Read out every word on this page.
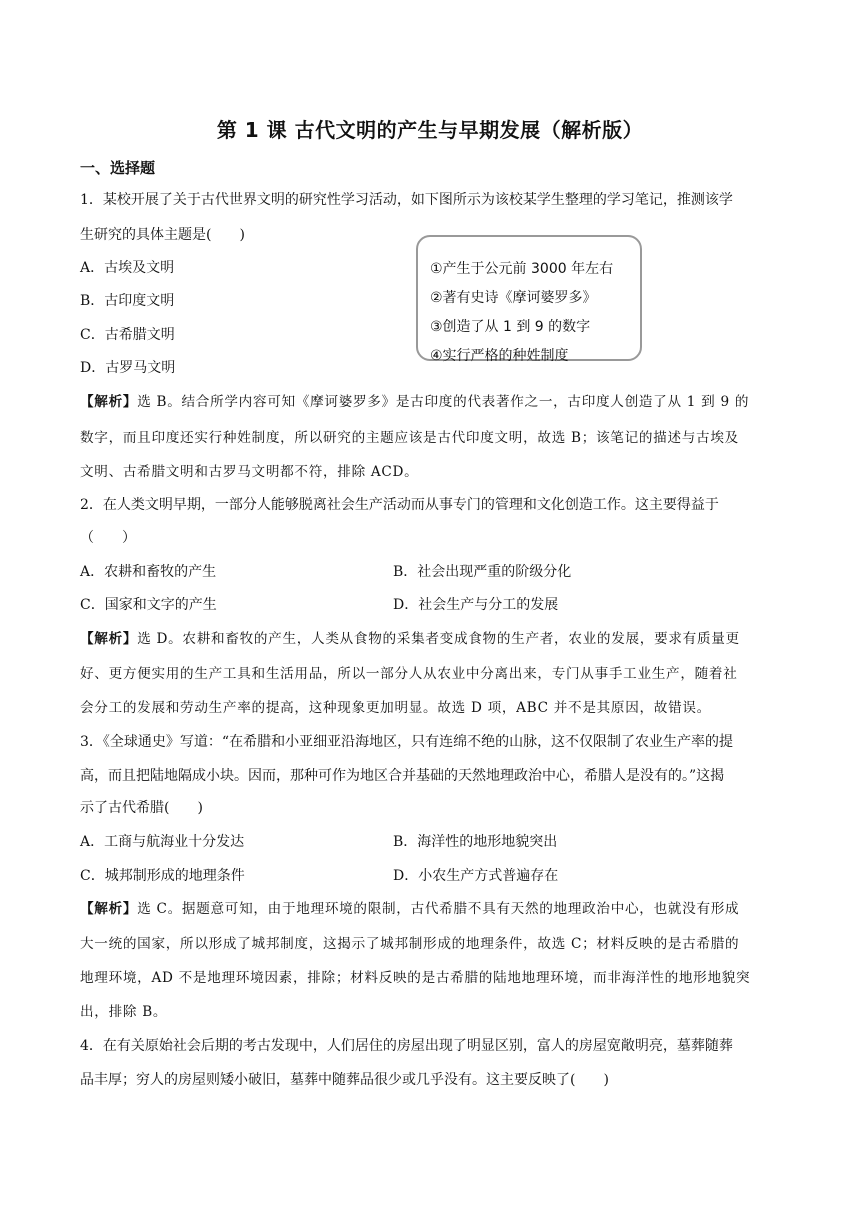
第 1 课 古代文明的产生与早期发展（解析版）
一、选择题
1．某校开展了关于古代世界文明的研究性学习活动，如下图所示为该校某学生整理的学习笔记，推测该学
生研究的具体主题是(　　)
A．古埃及文明
B．古印度文明
C．古希腊文明
D．古罗马文明
①产生于公元前 3000 年左右
②著有史诗《摩诃婆罗多》
③创造了从 1 到 9 的数字
④实行严格的种姓制度
【解析】选 B。结合所学内容可知《摩诃婆罗多》是古印度的代表著作之一，古印度人创造了从 1 到 9 的
数字，而且印度还实行种姓制度，所以研究的主题应该是古代印度文明，故选 B；该笔记的描述与古埃及
文明、古希腊文明和古罗马文明都不符，排除 ACD。
2．在人类文明早期，一部分人能够脱离社会生产活动而从事专门的管理和文化创造工作。这主要得益于
（　　）
A．农耕和畜牧的产生	B．社会出现严重的阶级分化
C．国家和文字的产生	D．社会生产与分工的发展
【解析】选 D。农耕和畜牧的产生，人类从食物的采集者变成食物的生产者，农业的发展，要求有质量更
好、更方便实用的生产工具和生活用品，所以一部分人从农业中分离出来，专门从事手工业生产，随着社
会分工的发展和劳动生产率的提高，这种现象更加明显。故选 D 项，ABC 并不是其原因，故错误。
3．《全球通史》写道：“在希腊和小亚细亚沿海地区，只有连绵不绝的山脉，这不仅限制了农业生产率的提
高，而且把陆地隔成小块。因而，那种可作为地区合并基础的天然地理政治中心，希腊人是没有的。”这揭
示了古代希腊(　　)
A．工商与航海业十分发达	B．海洋性的地形地貌突出
C．城邦制形成的地理条件	D．小农生产方式普遍存在
【解析】选 C。据题意可知，由于地理环境的限制，古代希腊不具有天然的地理政治中心，也就没有形成
大一统的国家，所以形成了城邦制度，这揭示了城邦制形成的地理条件，故选 C；材料反映的是古希腊的
地理环境，AD 不是地理环境因素，排除；材料反映的是古希腊的陆地地理环境，而非海洋性的地形地貌突
出，排除 B。
4．在有关原始社会后期的考古发现中，人们居住的房屋出现了明显区别，富人的房屋宽敞明亮，墓葬随葬
品丰厚；穷人的房屋则矮小破旧，墓葬中随葬品很少或几乎没有。这主要反映了(　　)
